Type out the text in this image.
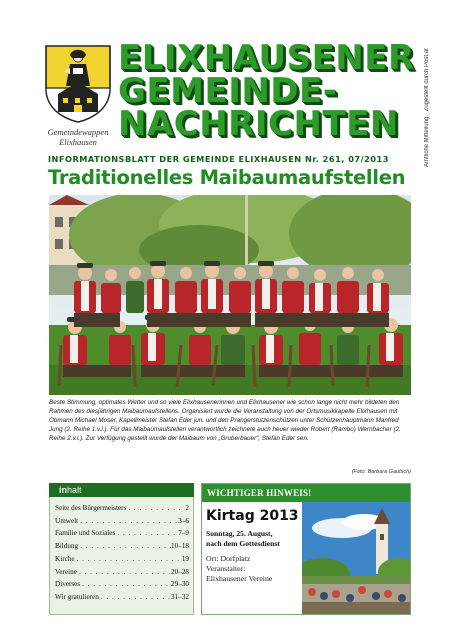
Gemeindewappen
Elixhausen
ELIXHAUSENER
GEMEINDE-
NACHRICHTEN	Amtliche Mitteilung · Zugestellt durch Post.at
INFORMATIONSBLATT DER GEMEINDE ELIXHAUSEN Nr. 261, 07/2013
Traditionelles Maibaumaufstellen
Beste Stimmung, optimales Wetter und so viele Elixhausenerinnen und Elixhausener wie schon lange nicht mehr bildeten den Rahmen des diesjährigen Maibaumaufstellens. Organisiert wurde die Veranstaltung von der Ortsmusikkapelle Elixhausen mit Obmann Michael Moser, Kapellmeister Stefan Eder jun. und den Prangerstutzenschützen unter Schützenhauptmann Manfred Jung (2. Reihe 1.v.l.). Für das Maibaumaufstellen verantwortlich zeichnete auch heuer wieder Robert (Rambo) Wernbacher (2. Reihe 2.v.l.). Zur Verfügung gestellt wurde der Maibaum von „Gruberbauer“, Stefan Eder sen.
(Foto: Barbara Gautsch)
inhalt
Seite des Bürgermeisters . . .	2
Umwelt . . .	3–6
Familie und Soziales . . .	7–9
Bildung . . .	10–18
Kirche . . .	19
Vereine . . .	20–28
Diverses . . .	29–30
Wir gratulieren . . .	31–32
WICHTIGER HINWEIS!
Kirtag 2013
Sonntag, 25. August,
nach dem Gottesdienst
Ort: Dorfplatz
Veranstalter:
Elixhausener Vereine
